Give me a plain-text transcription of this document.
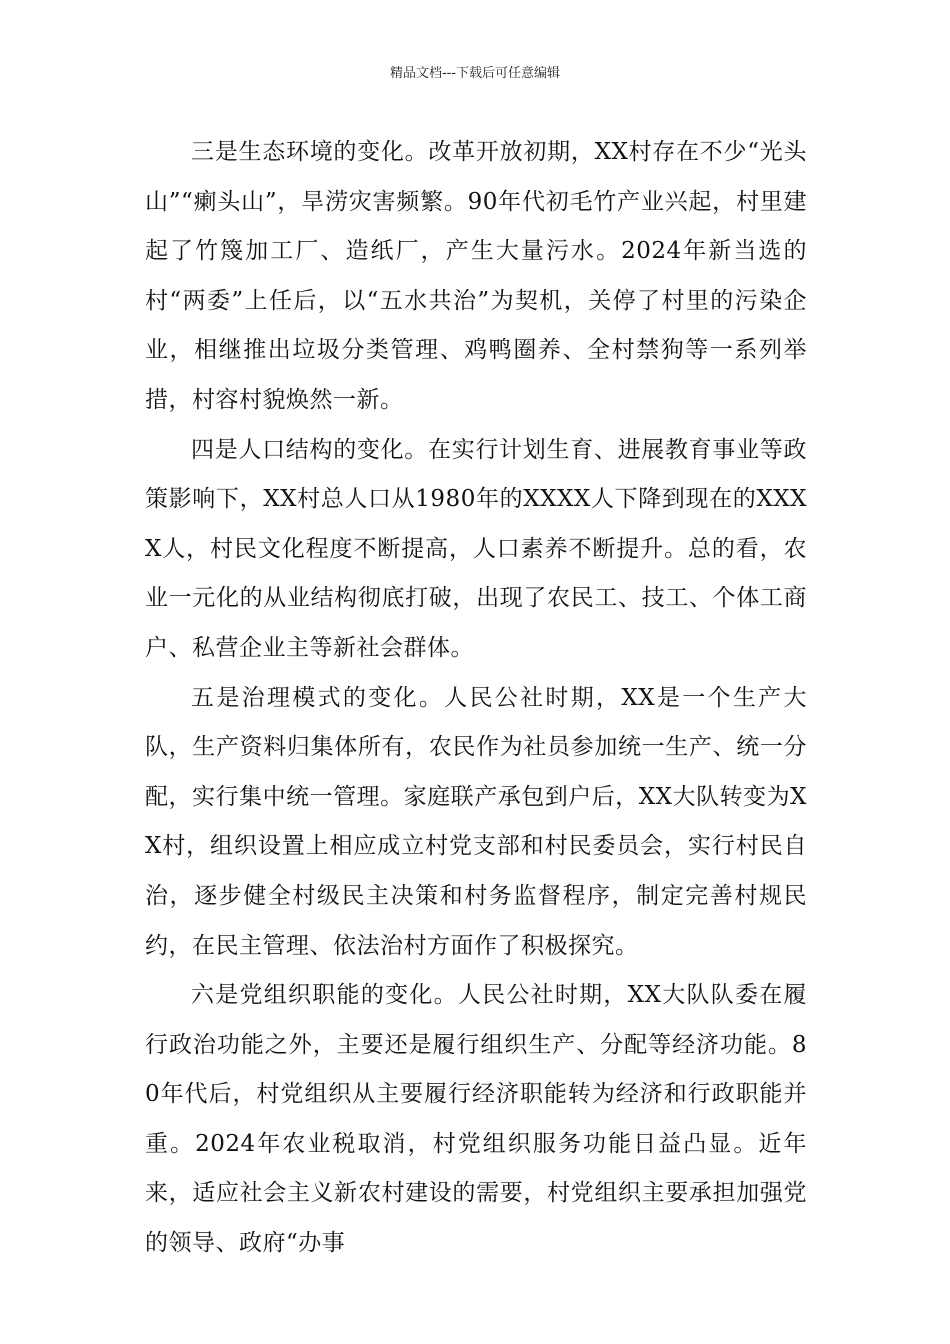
精品文档---下载后可任意编辑

三是生态环境的变化。改革开放初期，XX村存在不少“光头山”“瘌头山”，旱涝灾害频繁。90年代初毛竹产业兴起，村里建起了竹篾加工厂、造纸厂，产生大量污水。2024年新当选的村“两委”上任后，以“五水共治”为契机，关停了村里的污染企业，相继推出垃圾分类管理、鸡鸭圈养、全村禁狗等一系列举措，村容村貌焕然一新。

四是人口结构的变化。在实行计划生育、进展教育事业等政策影响下，XX村总人口从1980年的XXXX人下降到现在的XXXX人，村民文化程度不断提高，人口素养不断提升。总的看，农业一元化的从业结构彻底打破，出现了农民工、技工、个体工商户、私营企业主等新社会群体。

五是治理模式的变化。人民公社时期，XX是一个生产大队，生产资料归集体所有，农民作为社员参加统一生产、统一分配，实行集中统一管理。家庭联产承包到户后，XX大队转变为XX村，组织设置上相应成立村党支部和村民委员会，实行村民自治，逐步健全村级民主决策和村务监督程序，制定完善村规民约，在民主管理、依法治村方面作了积极探究。

六是党组织职能的变化。人民公社时期，XX大队队委在履行政治功能之外，主要还是履行组织生产、分配等经济功能。80年代后，村党组织从主要履行经济职能转为经济和行政职能并重。2024年农业税取消，村党组织服务功能日益凸显。近年来，适应社会主义新农村建设的需要，村党组织主要承担加强党的领导、政府“办事
